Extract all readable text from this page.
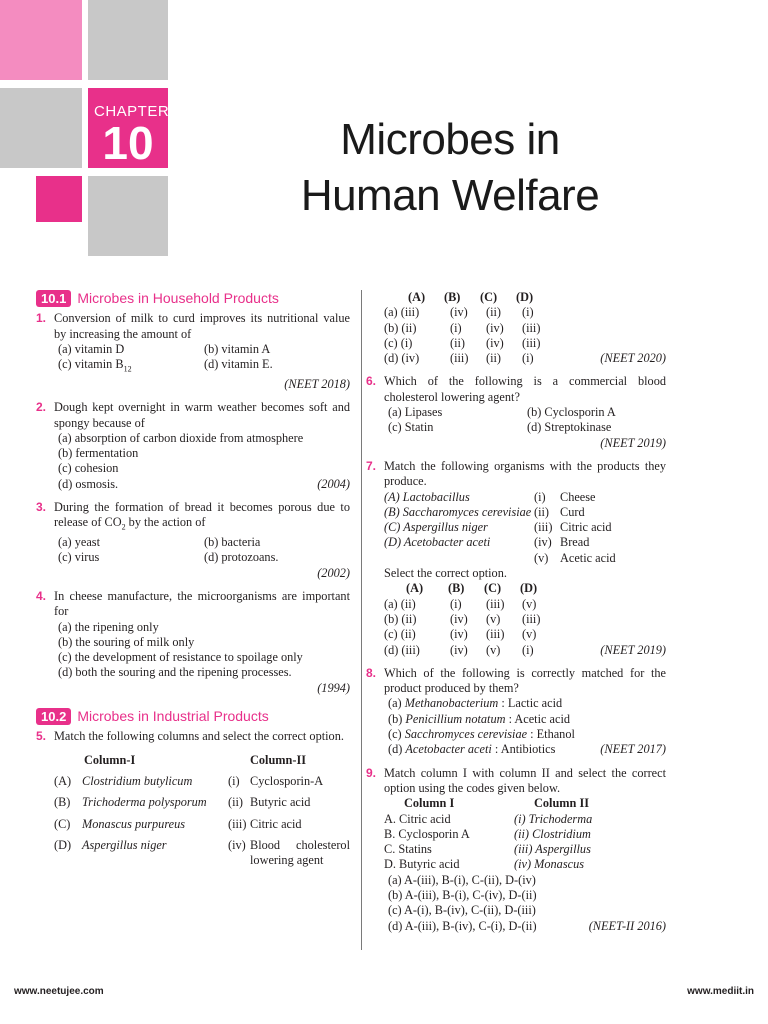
CHAPTER
10	Microbes in
Human Welfare
10.1 Microbes in Household Products
1. Conversion of milk to curd improves its nutritional value by increasing the amount of
(a) vitamin D	(b) vitamin A
(c) vitamin $B_{12}$	(d) vitamin E.
(NEET 2018)
2. Dough kept overnight in warm weather becomes soft and spongy because of
(a) absorption of carbon dioxide from atmosphere
(b) fermentation
(c) cohesion
(d) osmosis.	(2004)
3. During the formation of bread it becomes porous due to release of $CO_2$ by the action of
(a) yeast	(b) bacteria
(c) virus	(d) protozoans.
(2002)
4. In cheese manufacture, the microorganisms are important for
(a) the ripening only
(b) the souring of milk only
(c) the development of resistance to spoilage only
(d) both the souring and the ripening processes.
(1994)
10.2 Microbes in Industrial Products
5. Match the following columns and select the correct option.
Column-I	Column-II
(A) Clostridium butylicum	(i) Cyclosporin-A
(B) Trichoderma polysporum	(ii) Butyric acid
(C) Monascus purpureus	(iii) Citric acid
(D) Aspergillus niger	(iv) Blood cholesterol lowering agent
(A)	(B)	(C)	(D)
(a) (iii)	(iv)	(ii)	(i)
(b) (ii)	(i)	(iv)	(iii)
(c) (i)	(ii)	(iv)	(iii)
(d) (iv)	(iii)	(ii)	(i)	(NEET 2020)
6. Which of the following is a commercial blood cholesterol lowering agent?
(a) Lipases	(b) Cyclosporin A
(c) Statin	(d) Streptokinase
(NEET 2019)
7. Match the following organisms with the products they produce.
(A) Lactobacillus	(i)	Cheese
(B) Saccharomyces cerevisiae (ii) Curd
(C) Aspergillus niger	(iii) Citric acid
(D) Acetobacter aceti	(iv) Bread
(v) Acetic acid
Select the correct option.
(A)	(B)	(C)	(D)
(a) (ii)	(i)	(iii)	(v)
(b) (ii)	(iv)	(v)	(iii)
(c) (ii)	(iv)	(iii)	(v)
(d) (iii)	(iv)	(v)	(i)	(NEET 2019)
8. Which of the following is correctly matched for the product produced by them?
(a) Methanobacterium : Lactic acid
(b) Penicillium notatum : Acetic acid
(c) Sacchromyces cerevisiae : Ethanol
(d) Acetobacter aceti : Antibiotics	(NEET 2017)
9. Match column I with column II and select the correct option using the codes given below.
Column I	Column II
A. Citric acid	(i) Trichoderma
B. Cyclosporin A	(ii) Clostridium
C. Statins	(iii) Aspergillus
D. Butyric acid	(iv) Monascus
(a) A-(iii), B-(i), C-(ii), D-(iv)
(b) A-(iii), B-(i), C-(iv), D-(ii)
(c) A-(i), B-(iv), C-(ii), D-(iii)
(d) A-(iii), B-(iv), C-(i), D-(ii)	(NEET-II 2016)
www.neetujee.com	www.mediit.in
